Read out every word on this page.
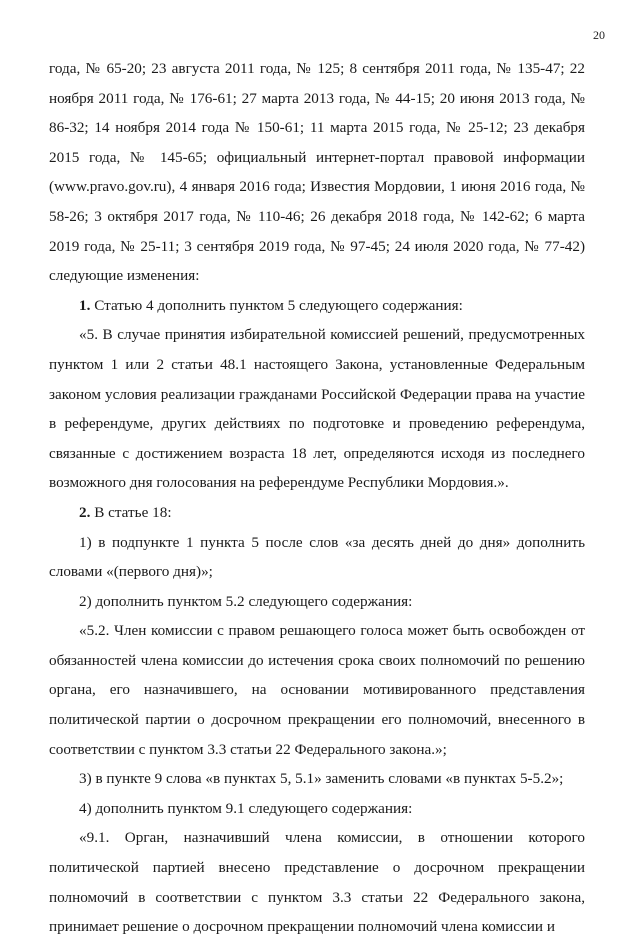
20

года, № 65-20; 23 августа 2011 года, № 125; 8 сентября 2011 года, № 135-47; 22 ноября 2011 года, № 176-61; 27 марта 2013 года, № 44-15; 20 июня 2013 года, № 86-32; 14 ноября 2014 года № 150-61; 11 марта 2015 года, № 25-12; 23 декабря 2015 года, № 145-65; официальный интернет-портал правовой информации (www.pravo.gov.ru), 4 января 2016 года; Известия Мордовии, 1 июня 2016 года, № 58-26; 3 октября 2017 года, № 110-46; 26 декабря 2018 года, № 142-62; 6 марта 2019 года, № 25-11; 3 сентября 2019 года, № 97-45; 24 июля 2020 года, № 77-42) следующие изменения:

1. Статью 4 дополнить пунктом 5 следующего содержания:

«5. В случае принятия избирательной комиссией решений, предусмотренных пунктом 1 или 2 статьи 48.1 настоящего Закона, установленные Федеральным законом условия реализации гражданами Российской Федерации права на участие в референдуме, других действиях по подготовке и проведению референдума, связанные с достижением возраста 18 лет, определяются исходя из последнего возможного дня голосования на референдуме Республики Мордовия.».

2. В статье 18:

1) в подпункте 1 пункта 5 после слов «за десять дней до дня» дополнить словами «(первого дня)»;

2) дополнить пунктом 5.2 следующего содержания:

«5.2. Член комиссии с правом решающего голоса может быть освобожден от обязанностей члена комиссии до истечения срока своих полномочий по решению органа, его назначившего, на основании мотивированного представления политической партии о досрочном прекращении его полномочий, внесенного в соответствии с пунктом 3.3 статьи 22 Федерального закона.»;

3) в пункте 9 слова «в пунктах 5, 5.1» заменить словами «в пунктах 5-5.2»;

4) дополнить пунктом 9.1 следующего содержания:

«9.1. Орган, назначивший члена комиссии, в отношении которого политической партией внесено представление о досрочном прекращении полномочий в соответствии с пунктом 3.3 статьи 22 Федерального закона, принимает решение о досрочном прекращении полномочий члена комиссии и
